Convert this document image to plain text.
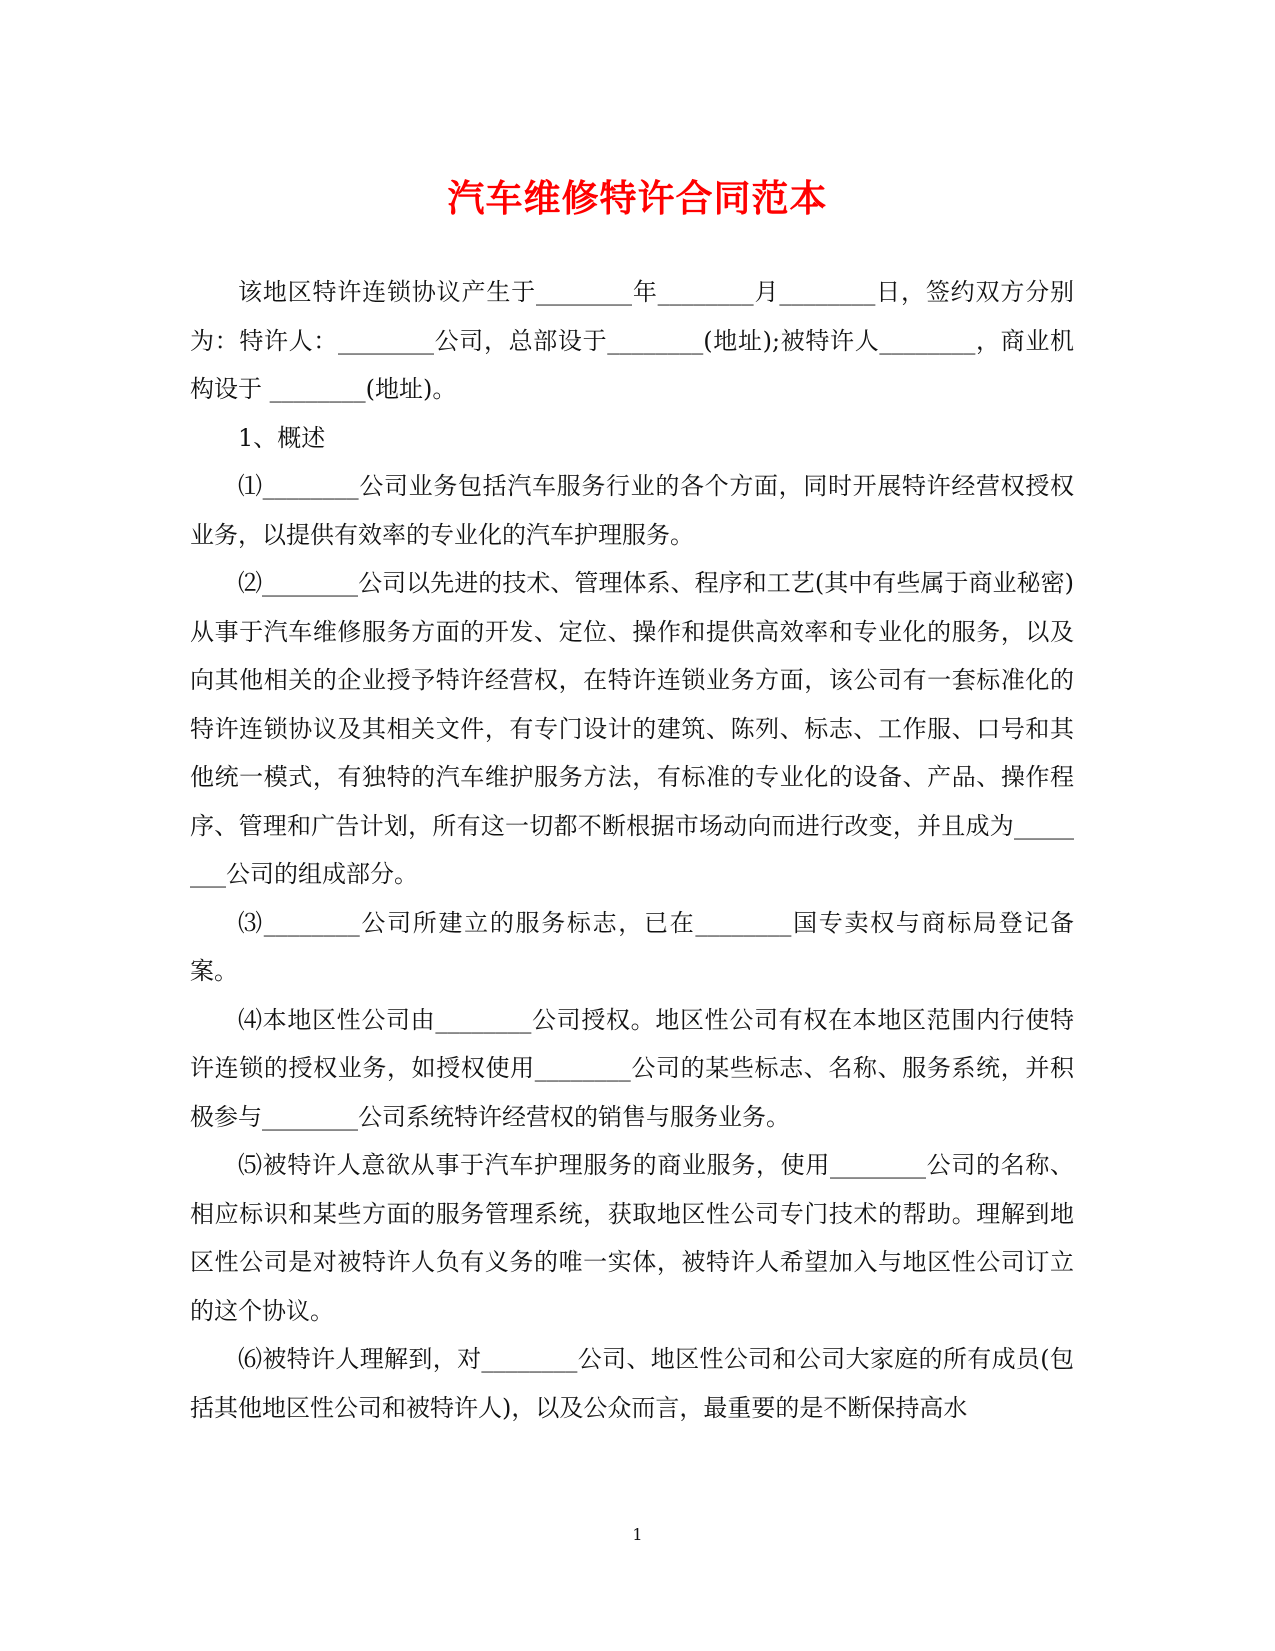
汽车维修特许合同范本

该地区特许连锁协议产生于________年________月________日，签约双方分别为：特许人：________公司，总部设于________(地址);被特许人________，商业机构设于 ________(地址)。

1、概述

⑴________公司业务包括汽车服务行业的各个方面，同时开展特许经营权授权业务，以提供有效率的专业化的汽车护理服务。

⑵________公司以先进的技术、管理体系、程序和工艺(其中有些属于商业秘密)从事于汽车维修服务方面的开发、定位、操作和提供高效率和专业化的服务，以及向其他相关的企业授予特许经营权，在特许连锁业务方面，该公司有一套标准化的特许连锁协议及其相关文件，有专门设计的建筑、陈列、标志、工作服、口号和其他统一模式，有独特的汽车维护服务方法，有标准的专业化的设备、产品、操作程序、管理和广告计划，所有这一切都不断根据市场动向而进行改变，并且成为________公司的组成部分。

⑶________公司所建立的服务标志，已在________国专卖权与商标局登记备案。

⑷本地区性公司由________公司授权。地区性公司有权在本地区范围内行使特许连锁的授权业务，如授权使用________公司的某些标志、名称、服务系统，并积极参与________公司系统特许经营权的销售与服务业务。

⑸被特许人意欲从事于汽车护理服务的商业服务，使用________公司的名称、相应标识和某些方面的服务管理系统，获取地区性公司专门技术的帮助。理解到地区性公司是对被特许人负有义务的唯一实体，被特许人希望加入与地区性公司订立的这个协议。

⑹被特许人理解到，对________公司、地区性公司和公司大家庭的所有成员(包括其他地区性公司和被特许人)，以及公众而言，最重要的是不断保持高水

1
